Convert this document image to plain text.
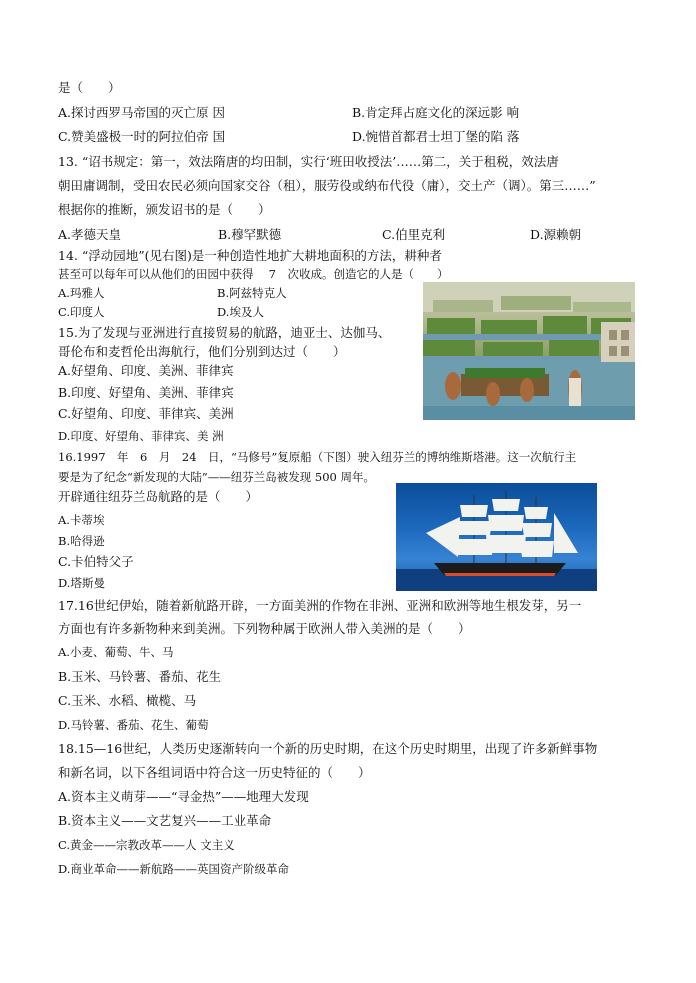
是（　　）
A.探讨西罗马帝国的灭亡原 因	B.肯定拜占庭文化的深远影 响
C.赞美盛极一时的阿拉伯帝 国	D.惋惜首都君士坦丁堡的陷 落
13. “诏书规定：第一，效法隋唐的均田制，实行‘班田收授法’……第二，关于租税，效法唐
朝田庸调制，受田农民必须向国家交谷（租），服劳役或纳布代役（庸），交土产（调）。第三……”
根据你的推断，颁发诏书的是（　　）
A.孝德天皇	B.穆罕默德	C.伯里克利	D.源赖朝
14. “浮动园地”(见右图)是一种创造性地扩大耕地面积的方法，耕种者
甚至可以每年可以从他们的田园中获得　 7　次收成。创造它的人是（　　）
A.玛雅人	B.阿兹特克人
C.印度人	D.埃及人
15.为了发现与亚洲进行直接贸易的航路，迪亚士、达伽马、
哥伦布和麦哲伦出海航行，他们分别到达过（　　）
A.好望角、印度、美洲、菲律宾
B.印度、好望角、美洲、菲律宾
C.好望角、印度、菲律宾、美洲
D.印度、好望角、菲律宾、美 洲
16.1997　年　6　月　24　日，“马修号”复原船（下图）驶入纽芬兰的博纳维斯塔港。这一次航行主
要是为了纪念“新发现的大陆”——纽芬兰岛被发现 500 周年。
开辟通往纽芬兰岛航路的是（　　）
A.卡蒂埃
B.哈得逊
C.卡伯特父子
D.塔斯曼
17.16世纪伊始，随着新航路开辟，一方面美洲的作物在非洲、亚洲和欧洲等地生根发芽，另一
方面也有许多新物种来到美洲。下列物种属于欧洲人带入美洲的是（　　）
A.小麦、葡萄、牛、马
B.玉米、马铃薯、番茄、花生
C.玉米、水稻、橄榄、马
D.马铃薯、番茄、花生、葡萄
18.15—16世纪，人类历史逐渐转向一个新的历史时期，在这个历史时期里，出现了许多新鲜事物
和新名词，以下各组词语中符合这一历史特征的（　　）
A.资本主义萌芽——“寻金热”——地理大发现
B.资本主义——文艺复兴——工业革命
C.黄金——宗教改革——人 文主义
D.商业革命——新航路——英国资产阶级革命
